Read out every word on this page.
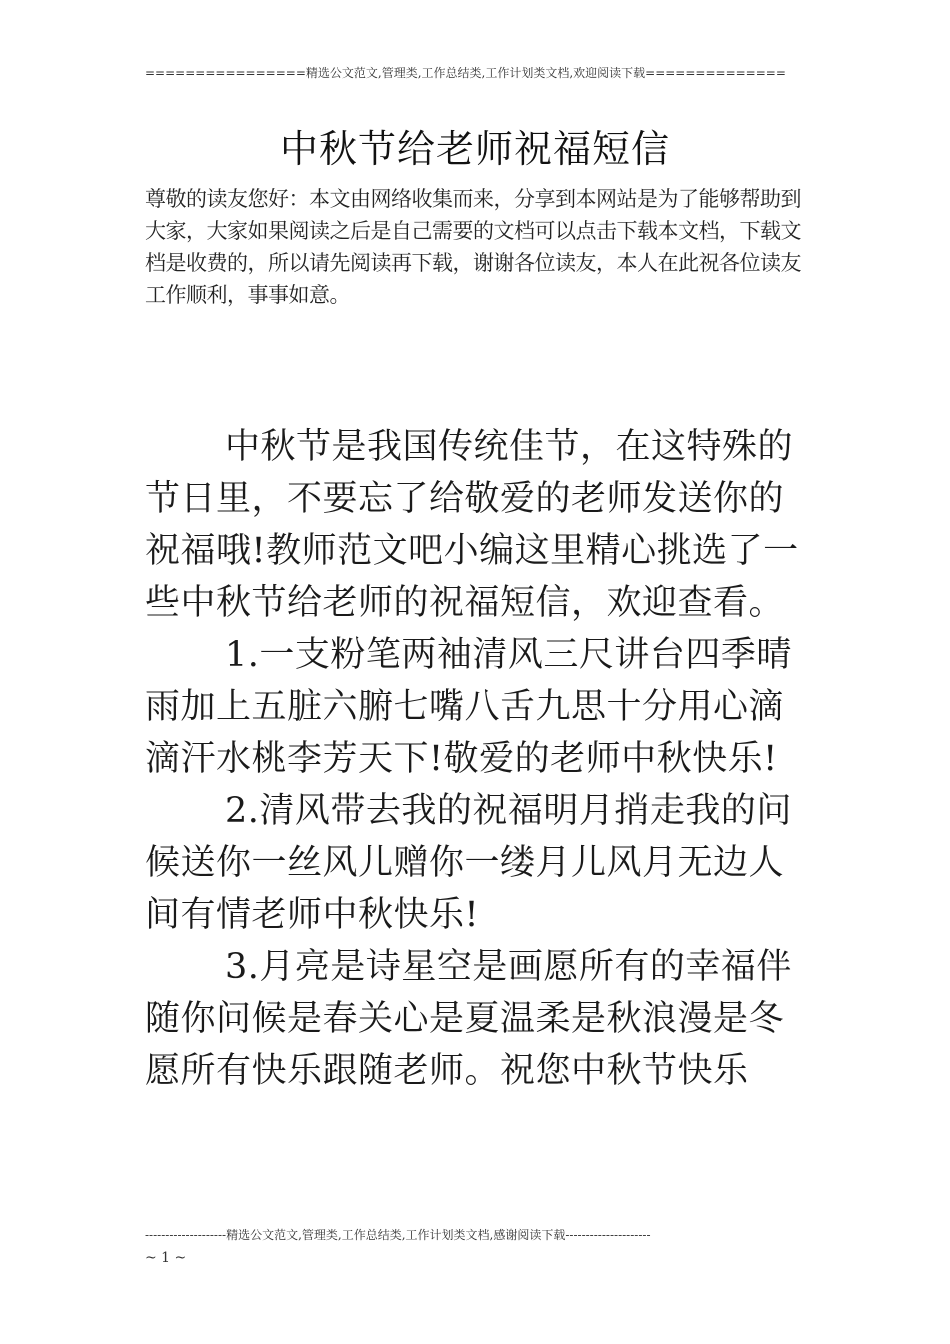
================精选公文范文,管理类,工作总结类,工作计划类文档,欢迎阅读下载==============
中秋节给老师祝福短信
尊敬的读友您好：本文由网络收集而来，分享到本网站是为了能够帮助到大家，大家如果阅读之后是自己需要的文档可以点击下载本文档，下载文档是收费的，所以请先阅读再下载，谢谢各位读友，本人在此祝各位读友工作顺利，事事如意。

中秋节是我国传统佳节，在这特殊的节日里，不要忘了给敬爱的老师发送你的祝福哦!教师范文吧小编这里精心挑选了一些中秋节给老师的祝福短信，欢迎查看。

1.一支粉笔两袖清风三尺讲台四季晴雨加上五脏六腑七嘴八舌九思十分用心滴滴汗水桃李芳天下!敬爱的老师中秋快乐!

2.清风带去我的祝福明月捎走我的问候送你一丝风儿赠你一缕月儿风月无边人间有情老师中秋快乐!

3.月亮是诗星空是画愿所有的幸福伴随你问候是春关心是夏温柔是秋浪漫是冬愿所有快乐跟随老师。祝您中秋节快乐

--------------------精选公文范文,管理类,工作总结类,工作计划类文档,感谢阅读下载---------------------
~ 1 ~
